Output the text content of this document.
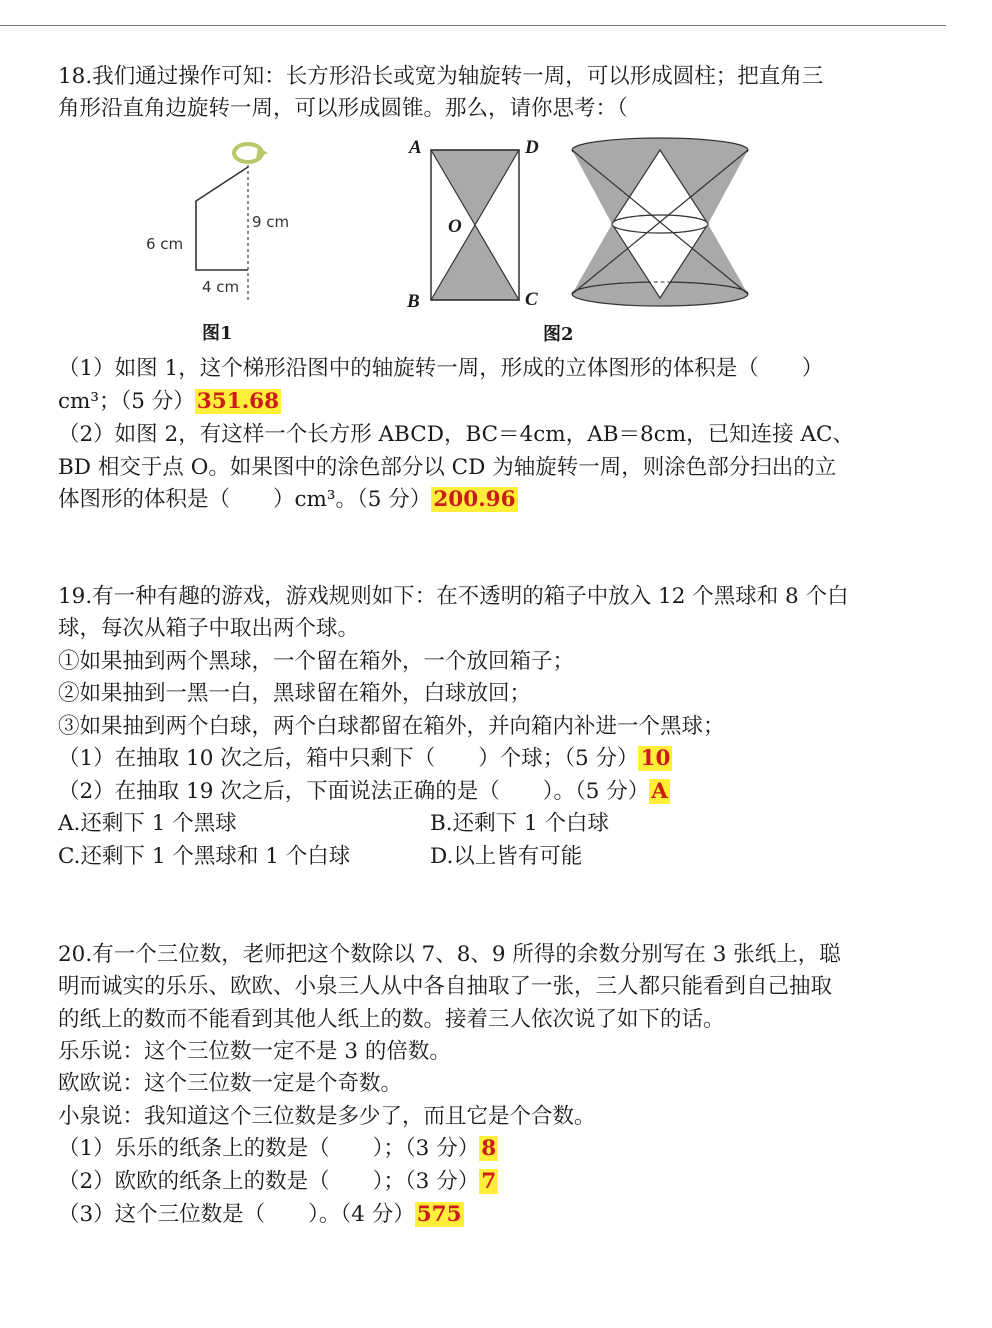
18.我们通过操作可知：长方形沿长或宽为轴旋转一周，可以形成圆柱；把直角三
角形沿直角边旋转一周，可以形成圆锥。那么，请你思考：（
6 cm
9 cm
4 cm
图1
A	D
O
B	C
图2
（1）如图 1，这个梯形沿图中的轴旋转一周，形成的立体图形的体积是（　　）
cm³；（5 分）351.68
（2）如图 2，有这样一个长方形 ABCD，BC＝4cm，AB＝8cm，已知连接 AC、
BD 相交于点 O。如果图中的涂色部分以 CD 为轴旋转一周，则涂色部分扫出的立
体图形的体积是（　　）cm³。（5 分）200.96
19.有一种有趣的游戏，游戏规则如下：在不透明的箱子中放入 12 个黑球和 8 个白
球，每次从箱子中取出两个球。
①如果抽到两个黑球，一个留在箱外，一个放回箱子；
②如果抽到一黑一白，黑球留在箱外，白球放回；
③如果抽到两个白球，两个白球都留在箱外，并向箱内补进一个黑球；
（1）在抽取 10 次之后，箱中只剩下（　　）个球；（5 分）10
（2）在抽取 19 次之后，下面说法正确的是（　　）。（5 分）A
A.还剩下 1 个黑球	B.还剩下 1 个白球
C.还剩下 1 个黑球和 1 个白球	D.以上皆有可能
20.有一个三位数，老师把这个数除以 7、8、9 所得的余数分别写在 3 张纸上，聪
明而诚实的乐乐、欧欧、小泉三人从中各自抽取了一张，三人都只能看到自己抽取
的纸上的数而不能看到其他人纸上的数。接着三人依次说了如下的话。
乐乐说：这个三位数一定不是 3 的倍数。
欧欧说：这个三位数一定是个奇数。
小泉说：我知道这个三位数是多少了，而且它是个合数。
（1）乐乐的纸条上的数是（　　）；（3 分）8
（2）欧欧的纸条上的数是（　　）；（3 分）7
（3）这个三位数是（　　）。（4 分）575
